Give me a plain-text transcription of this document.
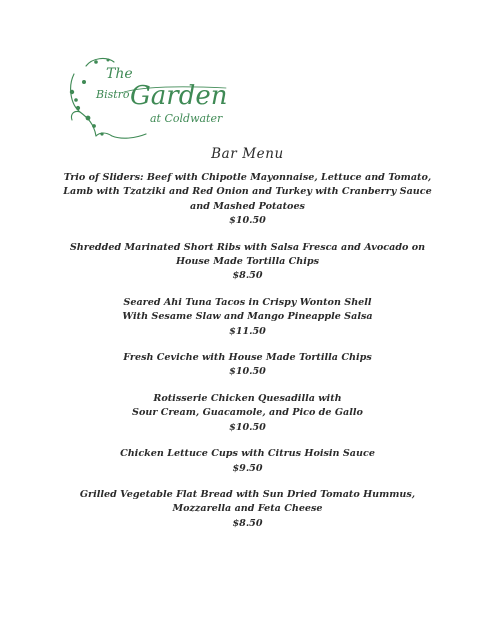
The
Bistro Garden
at Coldwater
Bar Menu
Trio of Sliders: Beef with Chipotle Mayonnaise, Lettuce and Tomato,
Lamb with Tzatziki and Red Onion and Turkey with Cranberry Sauce
and Mashed Potatoes
$10.50
Shredded Marinated Short Ribs with Salsa Fresca and Avocado on
House Made Tortilla Chips
$8.50
Seared Ahi Tuna Tacos in Crispy Wonton Shell
With Sesame Slaw and Mango Pineapple Salsa
$11.50
Fresh Ceviche with House Made Tortilla Chips
$10.50
Rotisserie Chicken Quesadilla with
Sour Cream, Guacamole, and Pico de Gallo
$10.50
Chicken Lettuce Cups with Citrus Hoisin Sauce
$9.50
Grilled Vegetable Flat Bread with Sun Dried Tomato Hummus,
Mozzarella and Feta Cheese
$8.50
